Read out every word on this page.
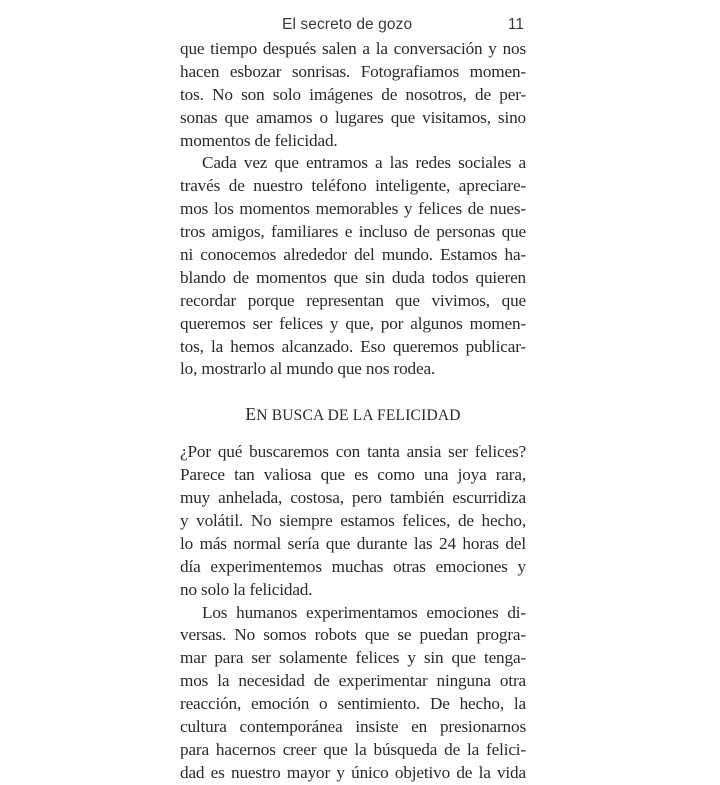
El secreto de gozo	11
que tiempo después salen a la conversación y nos
hacen esbozar sonrisas. Fotografiamos momen-
tos. No son solo imágenes de nosotros, de per-
sonas que amamos o lugares que visitamos, sino
momentos de felicidad.
Cada vez que entramos a las redes sociales a
través de nuestro teléfono inteligente, apreciare-
mos los momentos memorables y felices de nues-
tros amigos, familiares e incluso de personas que
ni conocemos alrededor del mundo. Estamos ha-
blando de momentos que sin duda todos quieren
recordar porque representan que vivimos, que
queremos ser felices y que, por algunos momen-
tos, la hemos alcanzado. Eso queremos publicar-
lo, mostrarlo al mundo que nos rodea.
EN BUSCA DE LA FELICIDAD
¿Por qué buscaremos con tanta ansia ser felices?
Parece tan valiosa que es como una joya rara,
muy anhelada, costosa, pero también escurridiza
y volátil. No siempre estamos felices, de hecho,
lo más normal sería que durante las 24 horas del
día experimentemos muchas otras emociones y
no solo la felicidad.
Los humanos experimentamos emociones di-
versas. No somos robots que se puedan progra-
mar para ser solamente felices y sin que tenga-
mos la necesidad de experimentar ninguna otra
reacción, emoción o sentimiento. De hecho, la
cultura contemporánea insiste en presionarnos
para hacernos creer que la búsqueda de la felici-
dad es nuestro mayor y único objetivo de la vida
